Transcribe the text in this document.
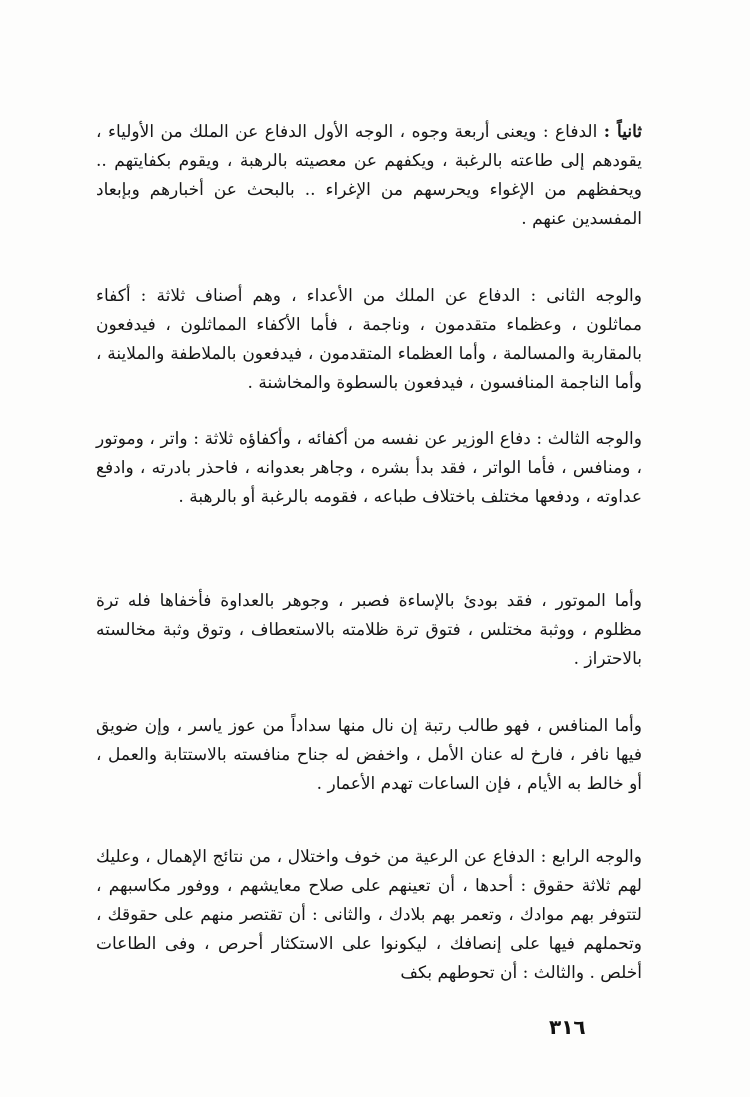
ثانياً : الدفاع : ويعنى أربعة وجوه ، الوجه الأول الدفاع عن الملك من الأولياء ، يقودهم إلى طاعته بالرغبة ، ويكفهم عن معصيته بالرهبة ، ويقوم بكفايتهم .. ويحفظهم من الإغواء ويحرسهم من الإغراء .. بالبحث عن أخبارهم وبإبعاد المفسدين عنهم .

والوجه الثانى : الدفاع عن الملك من الأعداء ، وهم أصناف ثلاثة : أكفاء مماثلون ، وعظماء متقدمون ، وناجمة ، فأما الأكفاء المماثلون ، فيدفعون بالمقاربة والمسالمة ، وأما العظماء المتقدمون ، فيدفعون بالملاطفة والملاينة ، وأما الناجمة المنافسون ، فيدفعون بالسطوة والمخاشنة .

والوجه الثالث : دفاع الوزير عن نفسه من أكفائه ، وأكفاؤه ثلاثة : واتر ، وموتور ، ومنافس ، فأما الواتر ، فقد بدأ بشره ، وجاهر بعدوانه ، فاحذر بادرته ، وادفع عداوته ، ودفعها مختلف باختلاف طباعه ، فقومه بالرغبة أو بالرهبة .

وأما الموتور ، فقد بودئ بالإساءة فصبر ، وجوهر بالعداوة فأخفاها فله ترة مظلوم ، ووثبة مختلس ، فتوق ترة ظلامته بالاستعطاف ، وتوق وثبة مخالسته بالاحتراز .

وأما المنافس ، فهو طالب رتبة إن نال منها سداداً من عوز ياسر ، وإن ضويق فيها نافر ، فارخ له عنان الأمل ، واخفض له جناح منافسته بالاستتابة والعمل ، أو خالط به الأيام ، فإن الساعات تهدم الأعمار .

والوجه الرابع : الدفاع عن الرعية من خوف واختلال ، من نتائج الإهمال ، وعليك لهم ثلاثة حقوق : أحدها ، أن تعينهم على صلاح معايشهم ، ووفور مكاسبهم ، لتتوفر بهم موادك ، وتعمر بهم بلادك ، والثانى : أن تقتصر منهم على حقوقك ، وتحملهم فيها على إنصافك ، ليكونوا على الاستكثار أحرص ، وفى الطاعات أخلص . والثالث : أن تحوطهم بكف

٣١٦
